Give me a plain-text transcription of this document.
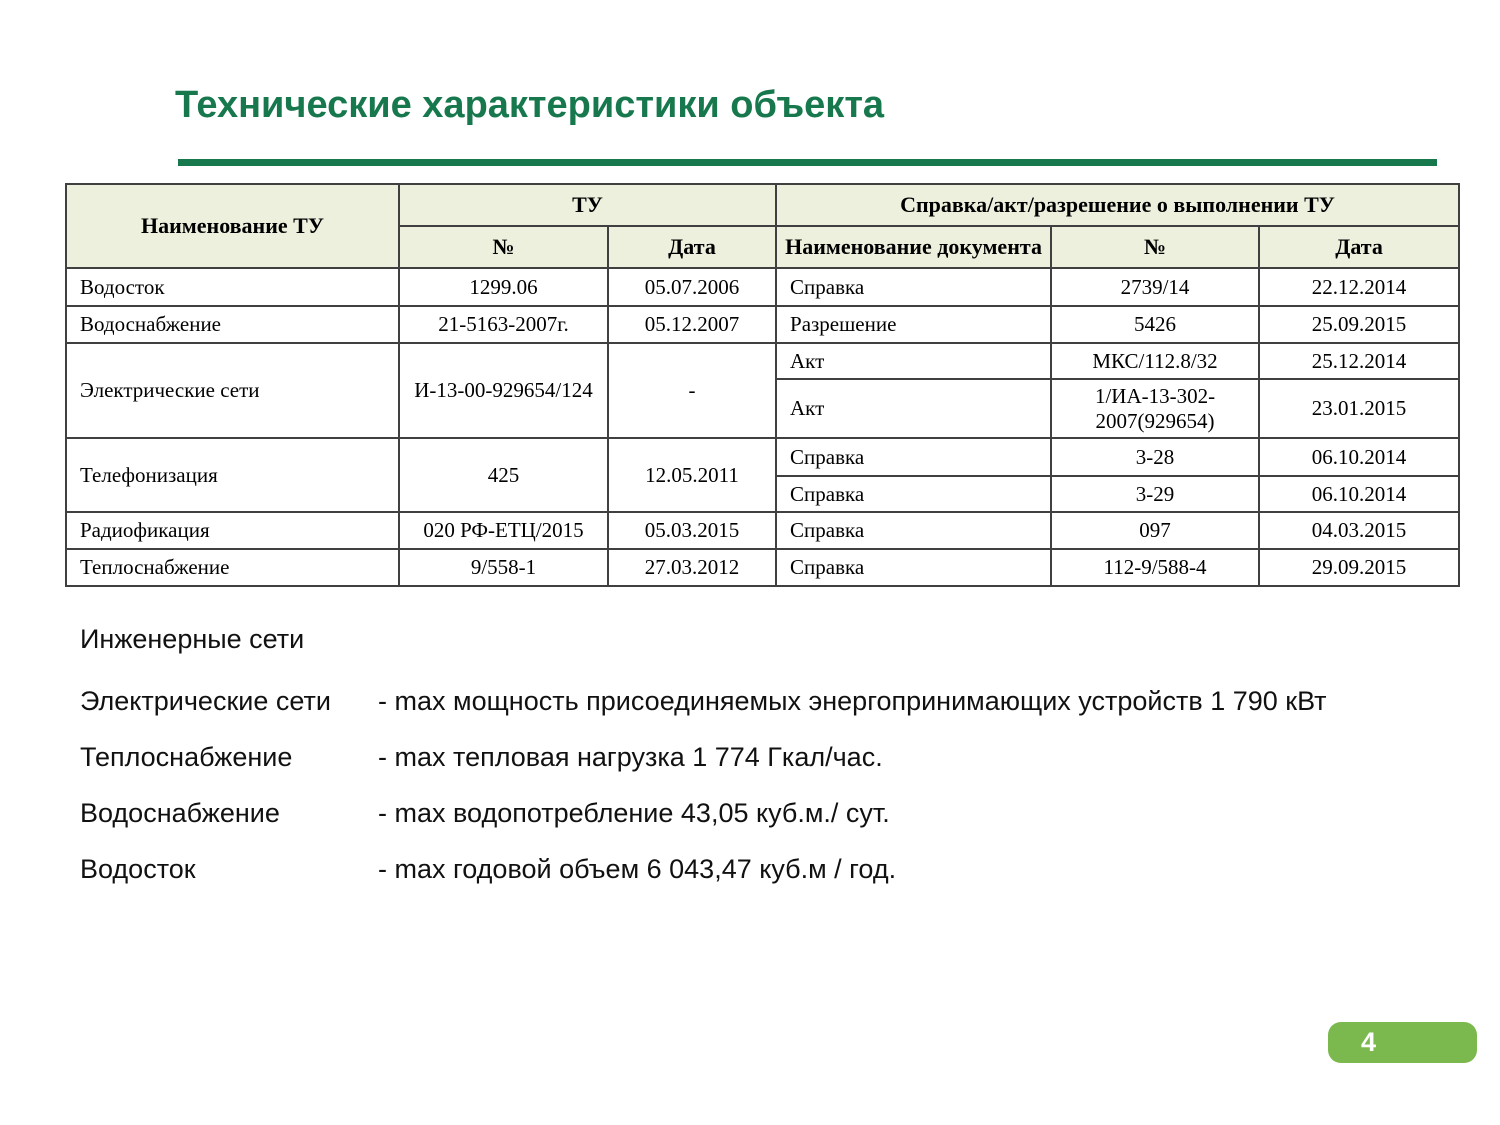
Технические характеристики объекта
Наименование ТУ	ТУ		Справка/акт/разрешение о выполнении ТУ		
	№	Дата	Наименование документа	№	Дата
Водосток	1299.06	05.07.2006	Справка	2739/14	22.12.2014
Водоснабжение	21-5163-2007г.	05.12.2007	Разрешение	5426	25.09.2015
Электрические сети	И-13-00-929654/124	-	Акт	МКС/112.8/32	25.12.2014
			Акт	1/ИА-13-302-2007(929654)	23.01.2015
Телефонизация	425	12.05.2011	Справка	3-28	06.10.2014
			Справка	3-29	06.10.2014
Радиофикация	020 РФ-ЕТЦ/2015	05.03.2015	Справка	097	04.03.2015
Теплоснабжение	9/558-1	27.03.2012	Справка	112-9/588-4	29.09.2015

Инженерные сети

Электрические сети	- max мощность присоединяемых энергопринимающих устройств 1 790 кВт
Теплоснабжение	- max тепловая нагрузка 1 774 Гкал/час.
Водоснабжение	- max водопотребление 43,05 куб.м./ сут.
Водосток	- max годовой объем 6 043,47 куб.м / год.
4
